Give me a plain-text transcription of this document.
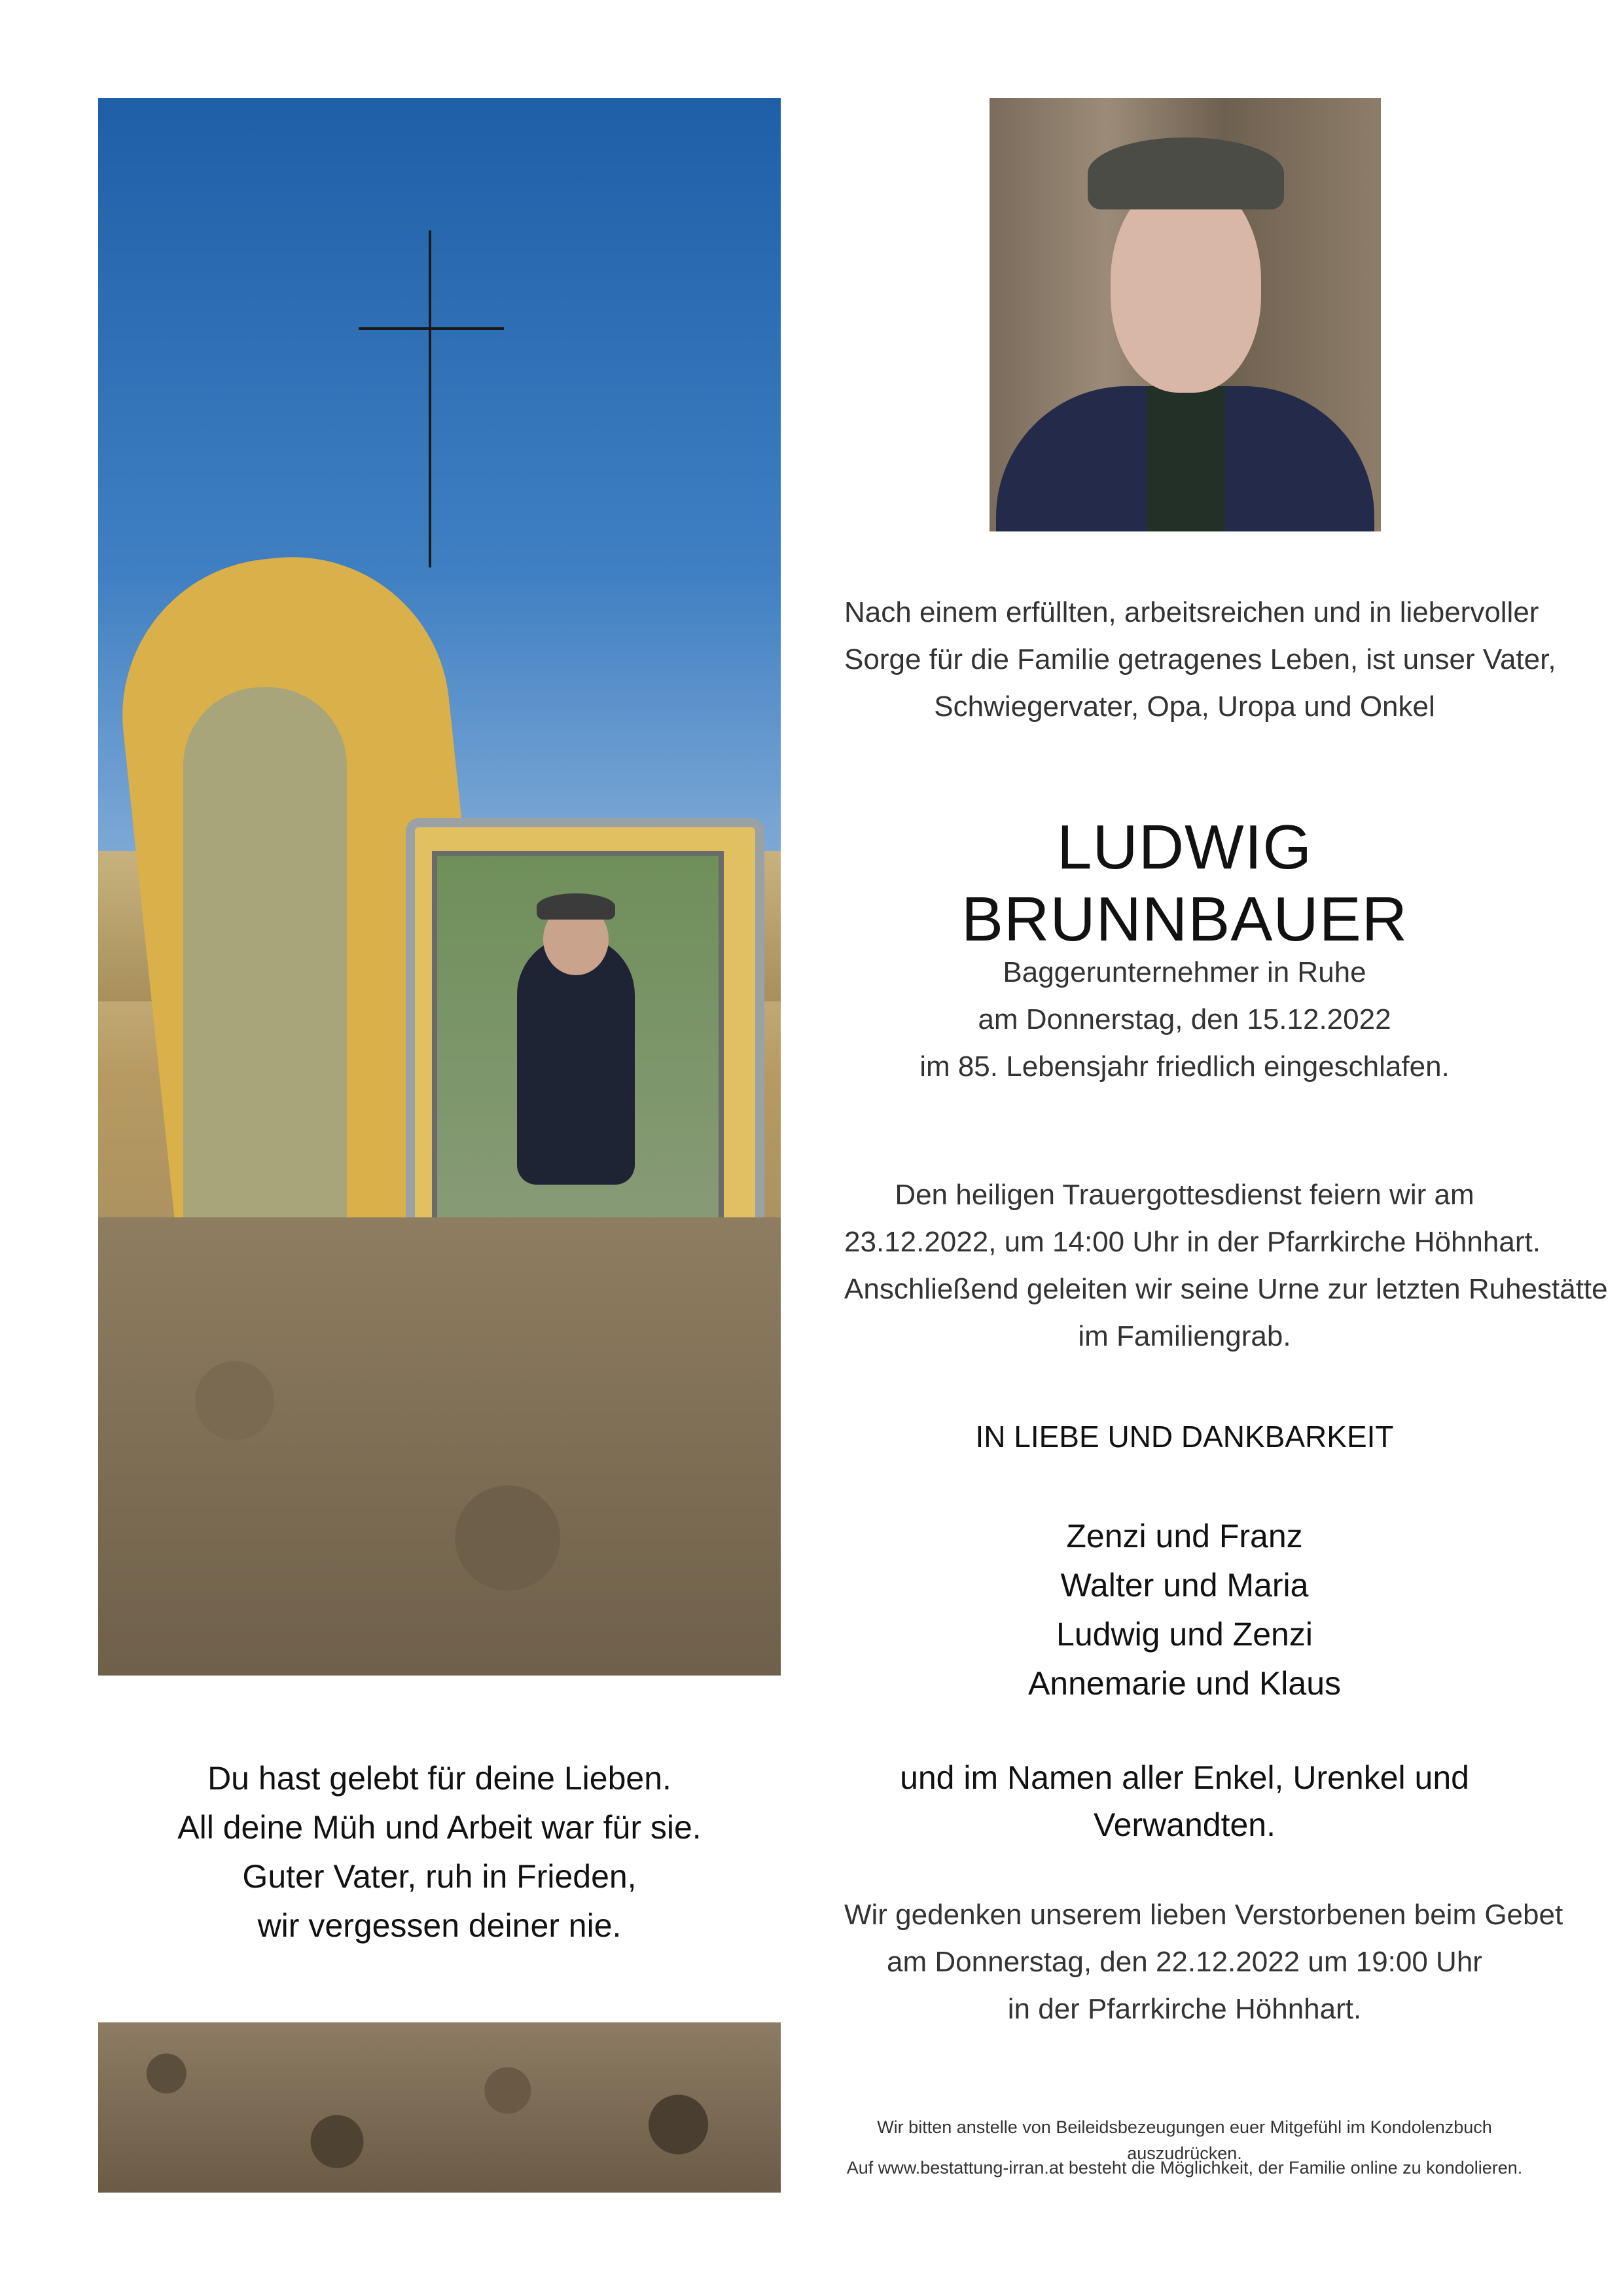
Nach einem erfüllten, arbeitsreichen und in liebervoller
Sorge für die Familie getragenes Leben, ist unser Vater,
Schwiegervater, Opa, Uropa und Onkel
LUDWIG BRUNNBAUER
Baggerunternehmer in Ruhe
am Donnerstag, den 15.12.2022
im 85. Lebensjahr friedlich eingeschlafen.
Den heiligen Trauergottesdienst feiern wir am
23.12.2022, um 14:00 Uhr in der Pfarrkirche Höhnhart.
Anschließend geleiten wir seine Urne zur letzten Ruhestätte
im Familiengrab.
IN LIEBE UND DANKBARKEIT
Zenzi und Franz
Walter und Maria
Ludwig und Zenzi
Annemarie und Klaus
und im Namen aller Enkel, Urenkel und
Verwandten.
Wir gedenken unserem lieben Verstorbenen beim Gebet
am Donnerstag, den 22.12.2022 um 19:00 Uhr
in der Pfarrkirche Höhnhart.
Du hast gelebt für deine Lieben.
All deine Müh und Arbeit war für sie.
Guter Vater, ruh in Frieden,
wir vergessen deiner nie.
Wir bitten anstelle von Beileidsbezeugungen euer Mitgefühl im Kondolenzbuch auszudrücken.
Auf www.bestattung-irran.at besteht die Möglichkeit, der Familie online zu kondolieren.
